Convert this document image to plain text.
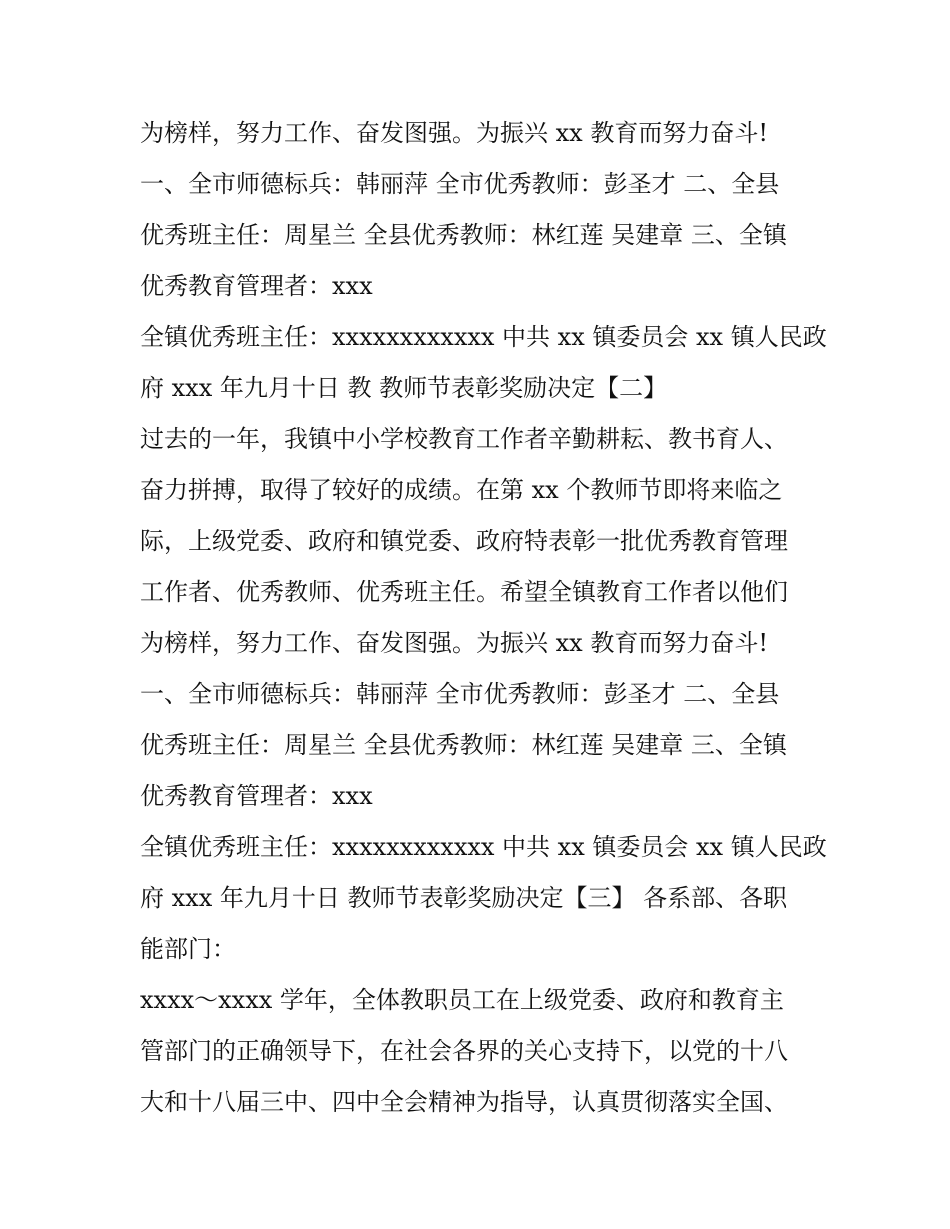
为榜样，努力工作、奋发图强。为振兴 xx 教育而努力奋斗!
一、全市师德标兵：韩丽萍 全市优秀教师：彭圣才 二、全县
优秀班主任：周星兰 全县优秀教师：林红莲 吴建章 三、全镇
优秀教育管理者：xxx
全镇优秀班主任：xxxxxxxxxxxx 中共 xx 镇委员会 xx 镇人民政
府 xxx 年九月十日 教 教师节表彰奖励决定【二】
过去的一年，我镇中小学校教育工作者辛勤耕耘、教书育人、
奋力拼搏，取得了较好的成绩。在第 xx 个教师节即将来临之
际，上级党委、政府和镇党委、政府特表彰一批优秀教育管理
工作者、优秀教师、优秀班主任。希望全镇教育工作者以他们
为榜样，努力工作、奋发图强。为振兴 xx 教育而努力奋斗!
一、全市师德标兵：韩丽萍 全市优秀教师：彭圣才 二、全县
优秀班主任：周星兰 全县优秀教师：林红莲 吴建章 三、全镇
优秀教育管理者：xxx
全镇优秀班主任：xxxxxxxxxxxx 中共 xx 镇委员会 xx 镇人民政
府 xxx 年九月十日 教师节表彰奖励决定【三】 各系部、各职
能部门：
xxxx～xxxx 学年，全体教职员工在上级党委、政府和教育主
管部门的正确领导下，在社会各界的关心支持下，以党的十八
大和十八届三中、四中全会精神为指导，认真贯彻落实全国、
